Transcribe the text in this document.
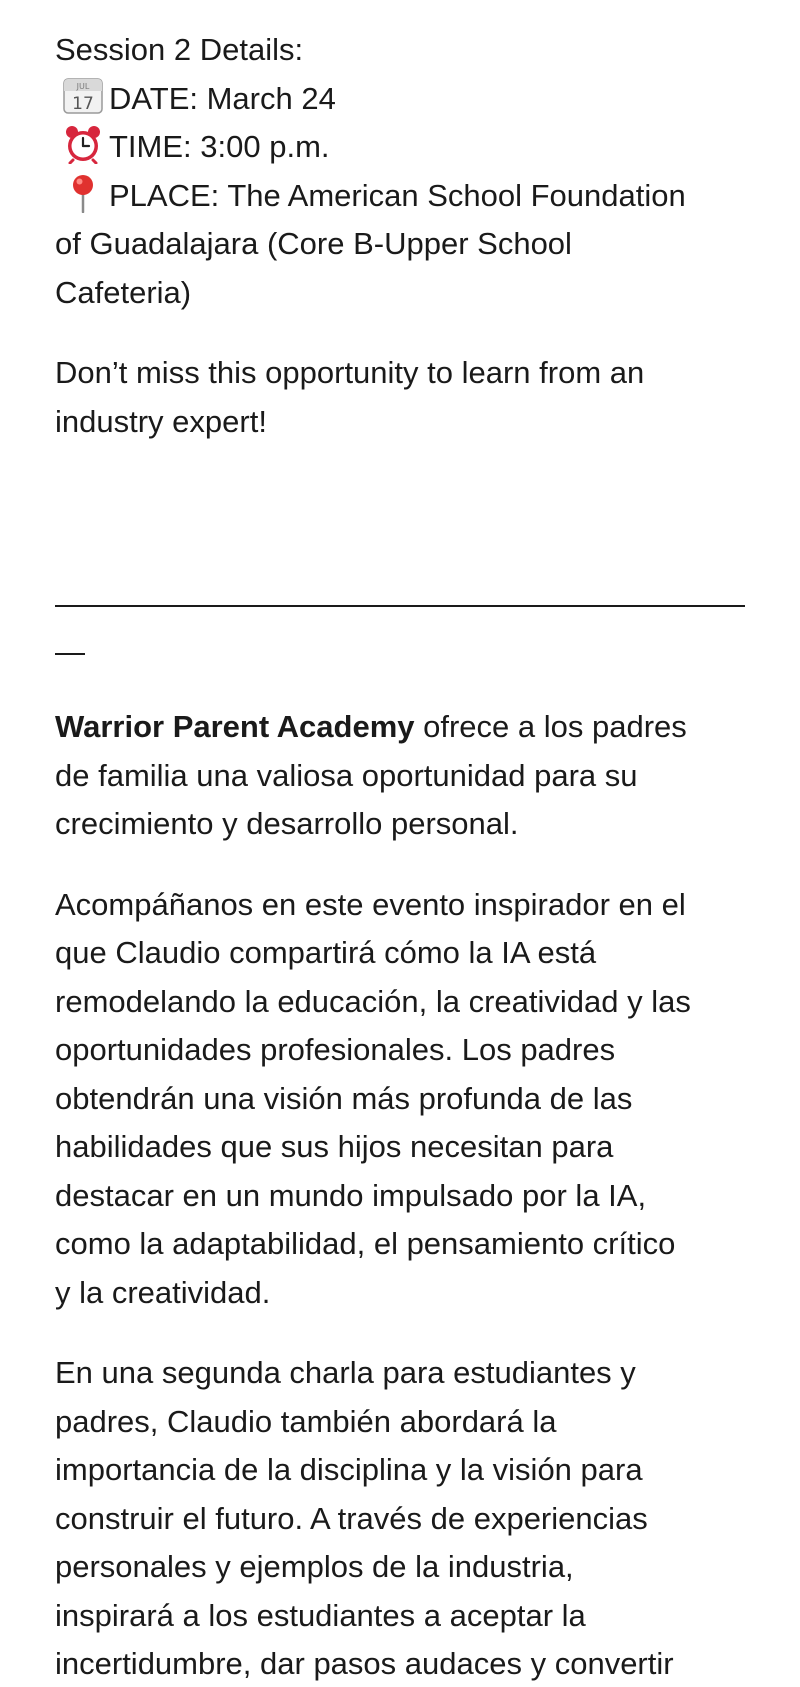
Session 2 Details:
JUL
17 DATE: March 24
TIME: 3:00 p.m.
PLACE: The American School Foundation
of Guadalajara (Core B-Upper School
Cafeteria)
Don’t miss this opportunity to learn from an
industry expert!
Warrior Parent Academy ofrece a los padres
de familia una valiosa oportunidad para su
crecimiento y desarrollo personal.
Acompáñanos en este evento inspirador en el
que Claudio compartirá cómo la IA está
remodelando la educación, la creatividad y las
oportunidades profesionales. Los padres
obtendrán una visión más profunda de las
habilidades que sus hijos necesitan para
destacar en un mundo impulsado por la IA,
como la adaptabilidad, el pensamiento crítico
y la creatividad.
En una segunda charla para estudiantes y
padres, Claudio también abordará la
importancia de la disciplina y la visión para
construir el futuro. A través de experiencias
personales y ejemplos de la industria,
inspirará a los estudiantes a aceptar la
incertidumbre, dar pasos audaces y convertir
